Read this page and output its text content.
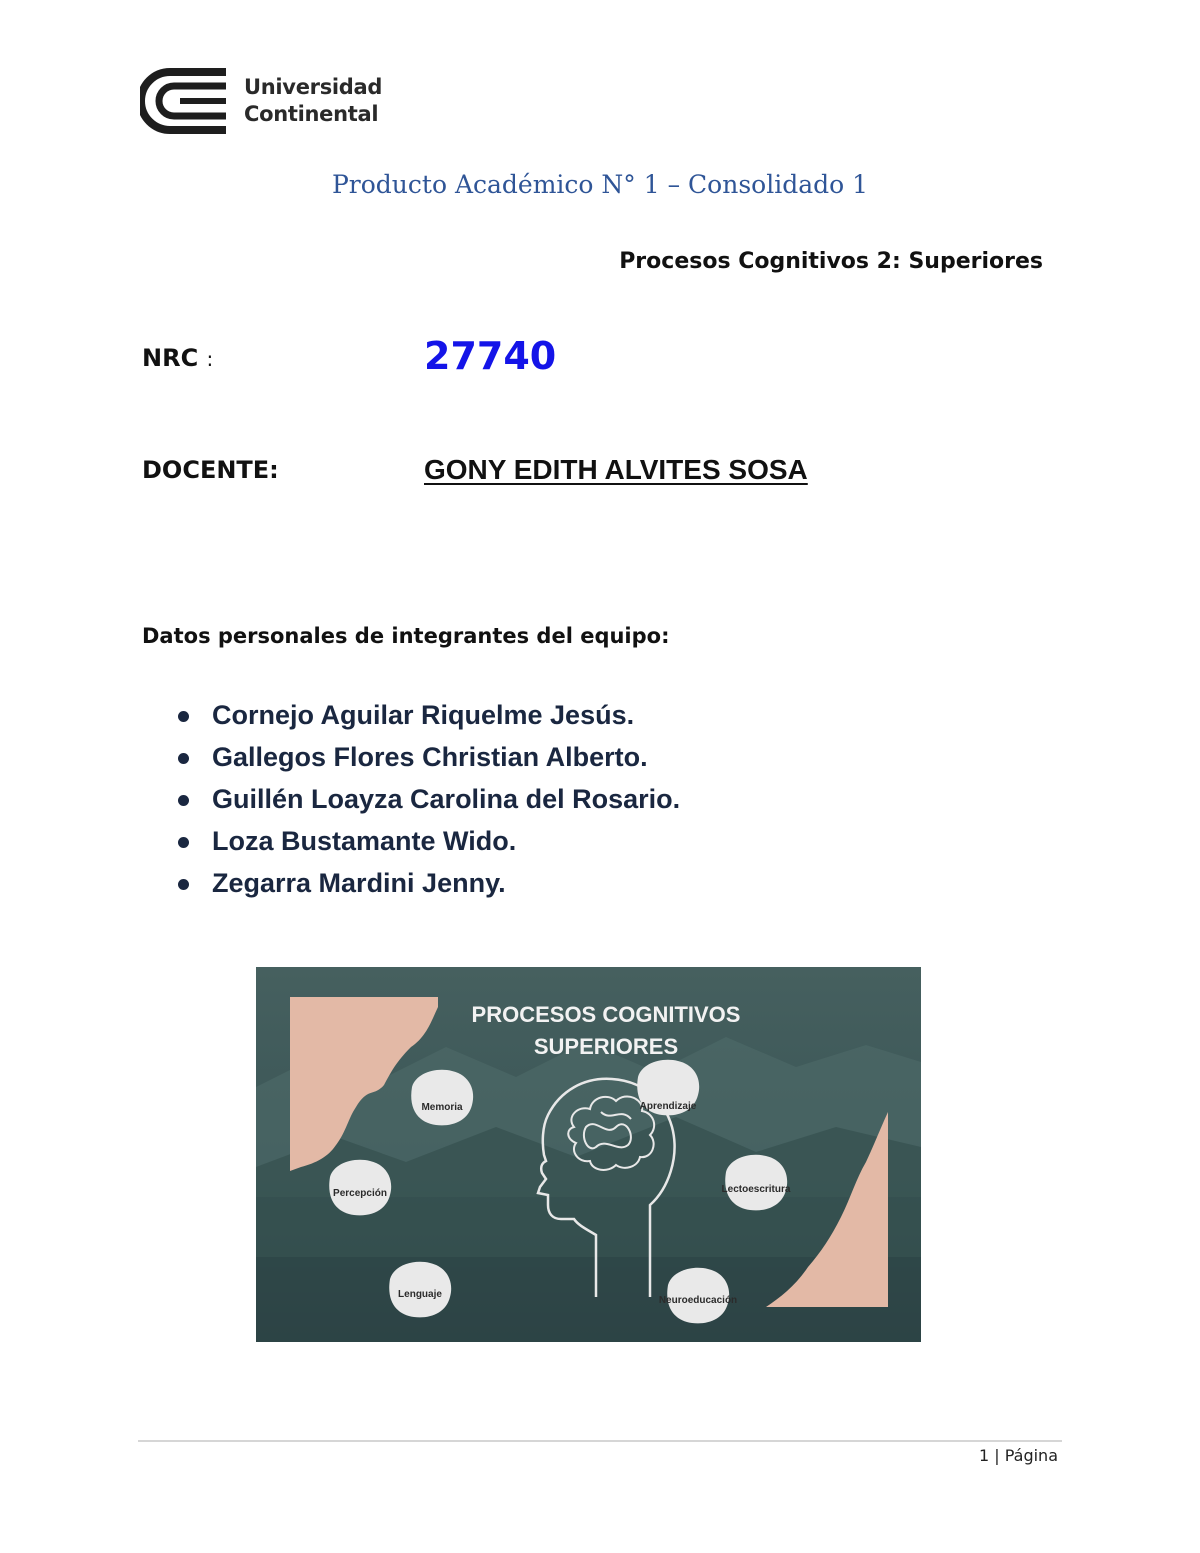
Universidad
Continental
Producto Académico N° 1 – Consolidado 1
Procesos Cognitivos 2: Superiores
NRC :	27740
DOCENTE:	GONY EDITH ALVITES SOSA
Datos personales de integrantes del equipo:
Cornejo Aguilar Riquelme Jesús.
Gallegos Flores Christian Alberto.
Guillén Loayza Carolina del Rosario.
Loza Bustamante Wido.
Zegarra Mardini Jenny.
PROCESOS COGNITIVOS
SUPERIORES
Memoria	Aprendizaje
Percepción	Lectoescritura
Lenguaje
Neuroeducación
1 | Página
